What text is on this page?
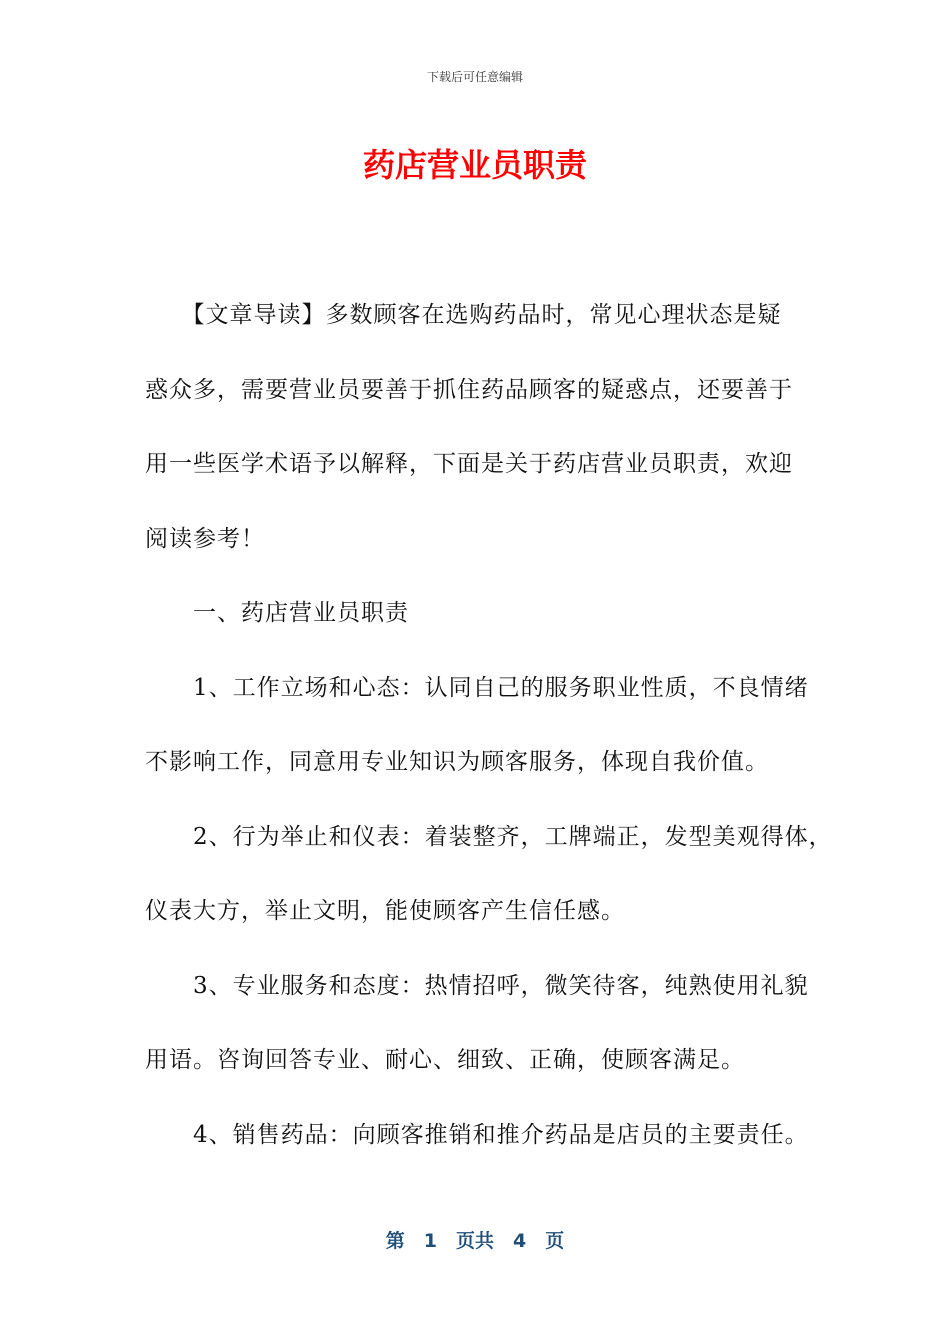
下载后可任意编辑
药店营业员职责
　　【文章导读】多数顾客在选购药品时，常见心理状态是疑
惑众多，需要营业员要善于抓住药品顾客的疑惑点，还要善于
用一些医学术语予以解释，下面是关于药店营业员职责，欢迎
阅读参考！
　　一、药店营业员职责
　　1、工作立场和心态：认同自己的服务职业性质，不良情绪
不影响工作，同意用专业知识为顾客服务，体现自我价值。
　　2、行为举止和仪表：着装整齐，工牌端正，发型美观得体，
仪表大方，举止文明，能使顾客产生信任感。
　　3、专业服务和态度：热情招呼，微笑待客，纯熟使用礼貌
用语。咨询回答专业、耐心、细致、正确，使顾客满足。
　　4、销售药品：向顾客推销和推介药品是店员的主要责任。
第　1　页共　4　页
